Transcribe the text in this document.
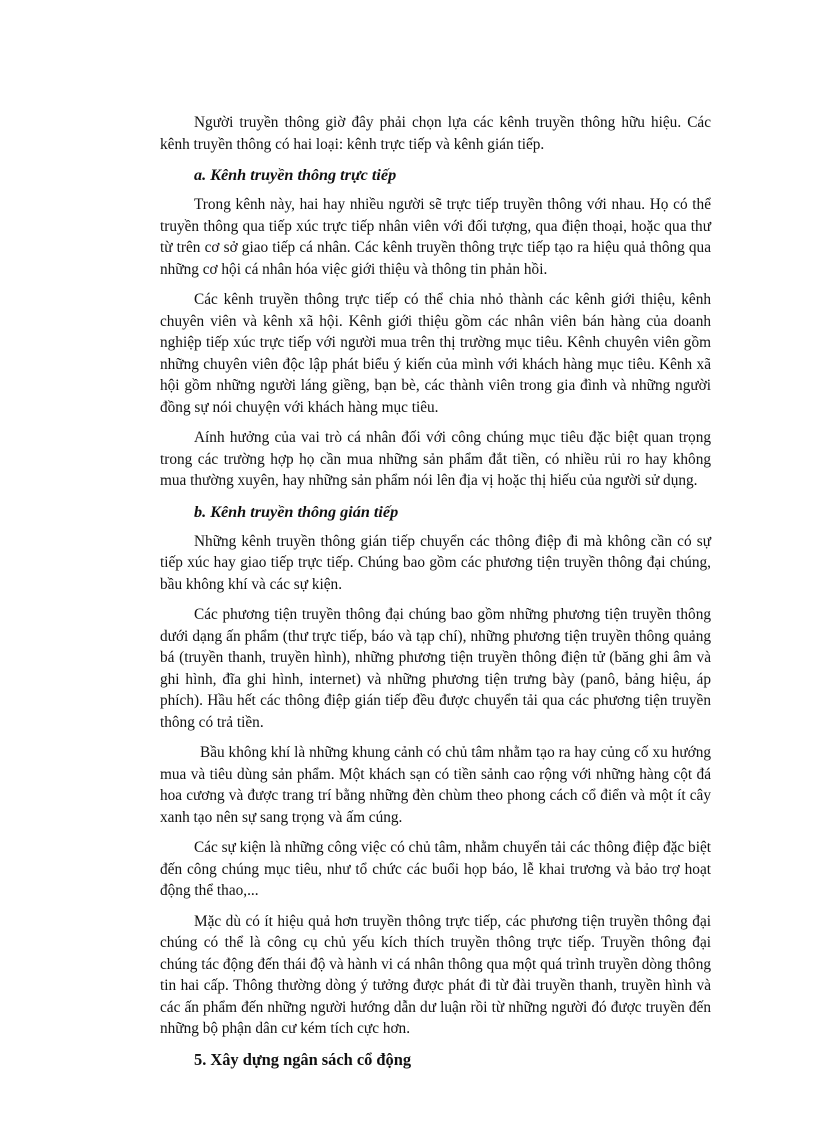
Người truyền thông giờ đây phải chọn lựa các kênh truyền thông hữu hiệu. Các kênh truyền thông có hai loại: kênh trực tiếp và kênh gián tiếp.

a. Kênh truyền thông trực tiếp

Trong kênh này, hai hay nhiều người sẽ trực tiếp truyền thông với nhau. Họ có thể truyền thông qua tiếp xúc trực tiếp nhân viên với đối tượng, qua điện thoại, hoặc qua thư từ trên cơ sở giao tiếp cá nhân. Các kênh truyền thông trực tiếp tạo ra hiệu quả thông qua những cơ hội cá nhân hóa việc giới thiệu và thông tin phản hồi.

Các kênh truyền thông trực tiếp có thể chia nhỏ thành các kênh giới thiệu, kênh chuyên viên và kênh xã hội. Kênh giới thiệu gồm các nhân viên bán hàng của doanh nghiệp tiếp xúc trực tiếp với người mua trên thị trường mục tiêu. Kênh chuyên viên gồm những chuyên viên độc lập phát biểu ý kiến của mình với khách hàng mục tiêu. Kênh xã hội gồm những người láng giềng, bạn bè, các thành viên trong gia đình và những người đồng sự nói chuyện với khách hàng mục tiêu.

Aính hưởng của vai trò cá nhân đối với công chúng mục tiêu đặc biệt quan trọng trong các trường hợp họ cần mua những sản phẩm đắt tiền, có nhiều rủi ro hay không mua thường xuyên, hay những sản phẩm nói lên địa vị hoặc thị hiếu của người sử dụng.

b. Kênh truyền thông gián tiếp

Những kênh truyền thông gián tiếp chuyển các thông điệp đi mà không cần có sự tiếp xúc hay giao tiếp trực tiếp. Chúng bao gồm các phương tiện truyền thông đại chúng, bầu không khí và các sự kiện.

Các phương tiện truyền thông đại chúng bao gồm những phương tiện truyền thông dưới dạng ấn phẩm (thư trực tiếp, báo và tạp chí), những phương tiện truyền thông quảng bá (truyền thanh, truyền hình), những phương tiện truyền thông điện tử (băng ghi âm và ghi hình, đĩa ghi hình, internet) và những phương tiện trưng bày (panô, bảng hiệu, áp phích). Hầu hết các thông điệp gián tiếp đều được chuyển tải qua các phương tiện truyền thông có trả tiền.

Bầu không khí là những khung cảnh có chủ tâm nhằm tạo ra hay củng cố xu hướng mua và tiêu dùng sản phẩm. Một khách sạn có tiền sảnh cao rộng với những hàng cột đá hoa cương và được trang trí bằng những đèn chùm theo phong cách cổ điển và một ít cây xanh tạo nên sự sang trọng và ấm cúng.

Các sự kiện là những công việc có chủ tâm, nhằm chuyển tải các thông điệp đặc biệt đến công chúng mục tiêu, như tổ chức các buổi họp báo, lễ khai trương và bảo trợ hoạt động thể thao,...

Mặc dù có ít hiệu quả hơn truyền thông trực tiếp, các phương tiện truyền thông đại chúng có thể là công cụ chủ yếu kích thích truyền thông trực tiếp. Truyền thông đại chúng tác động đến thái độ và hành vi cá nhân thông qua một quá trình truyền dòng thông tin hai cấp. Thông thường dòng ý tưởng được phát đi từ đài truyền thanh, truyền hình và các ấn phẩm đến những người hướng dẫn dư luận rồi từ những người đó được truyền đến những bộ phận dân cư kém tích cực hơn.

5. Xây dựng ngân sách cổ động
